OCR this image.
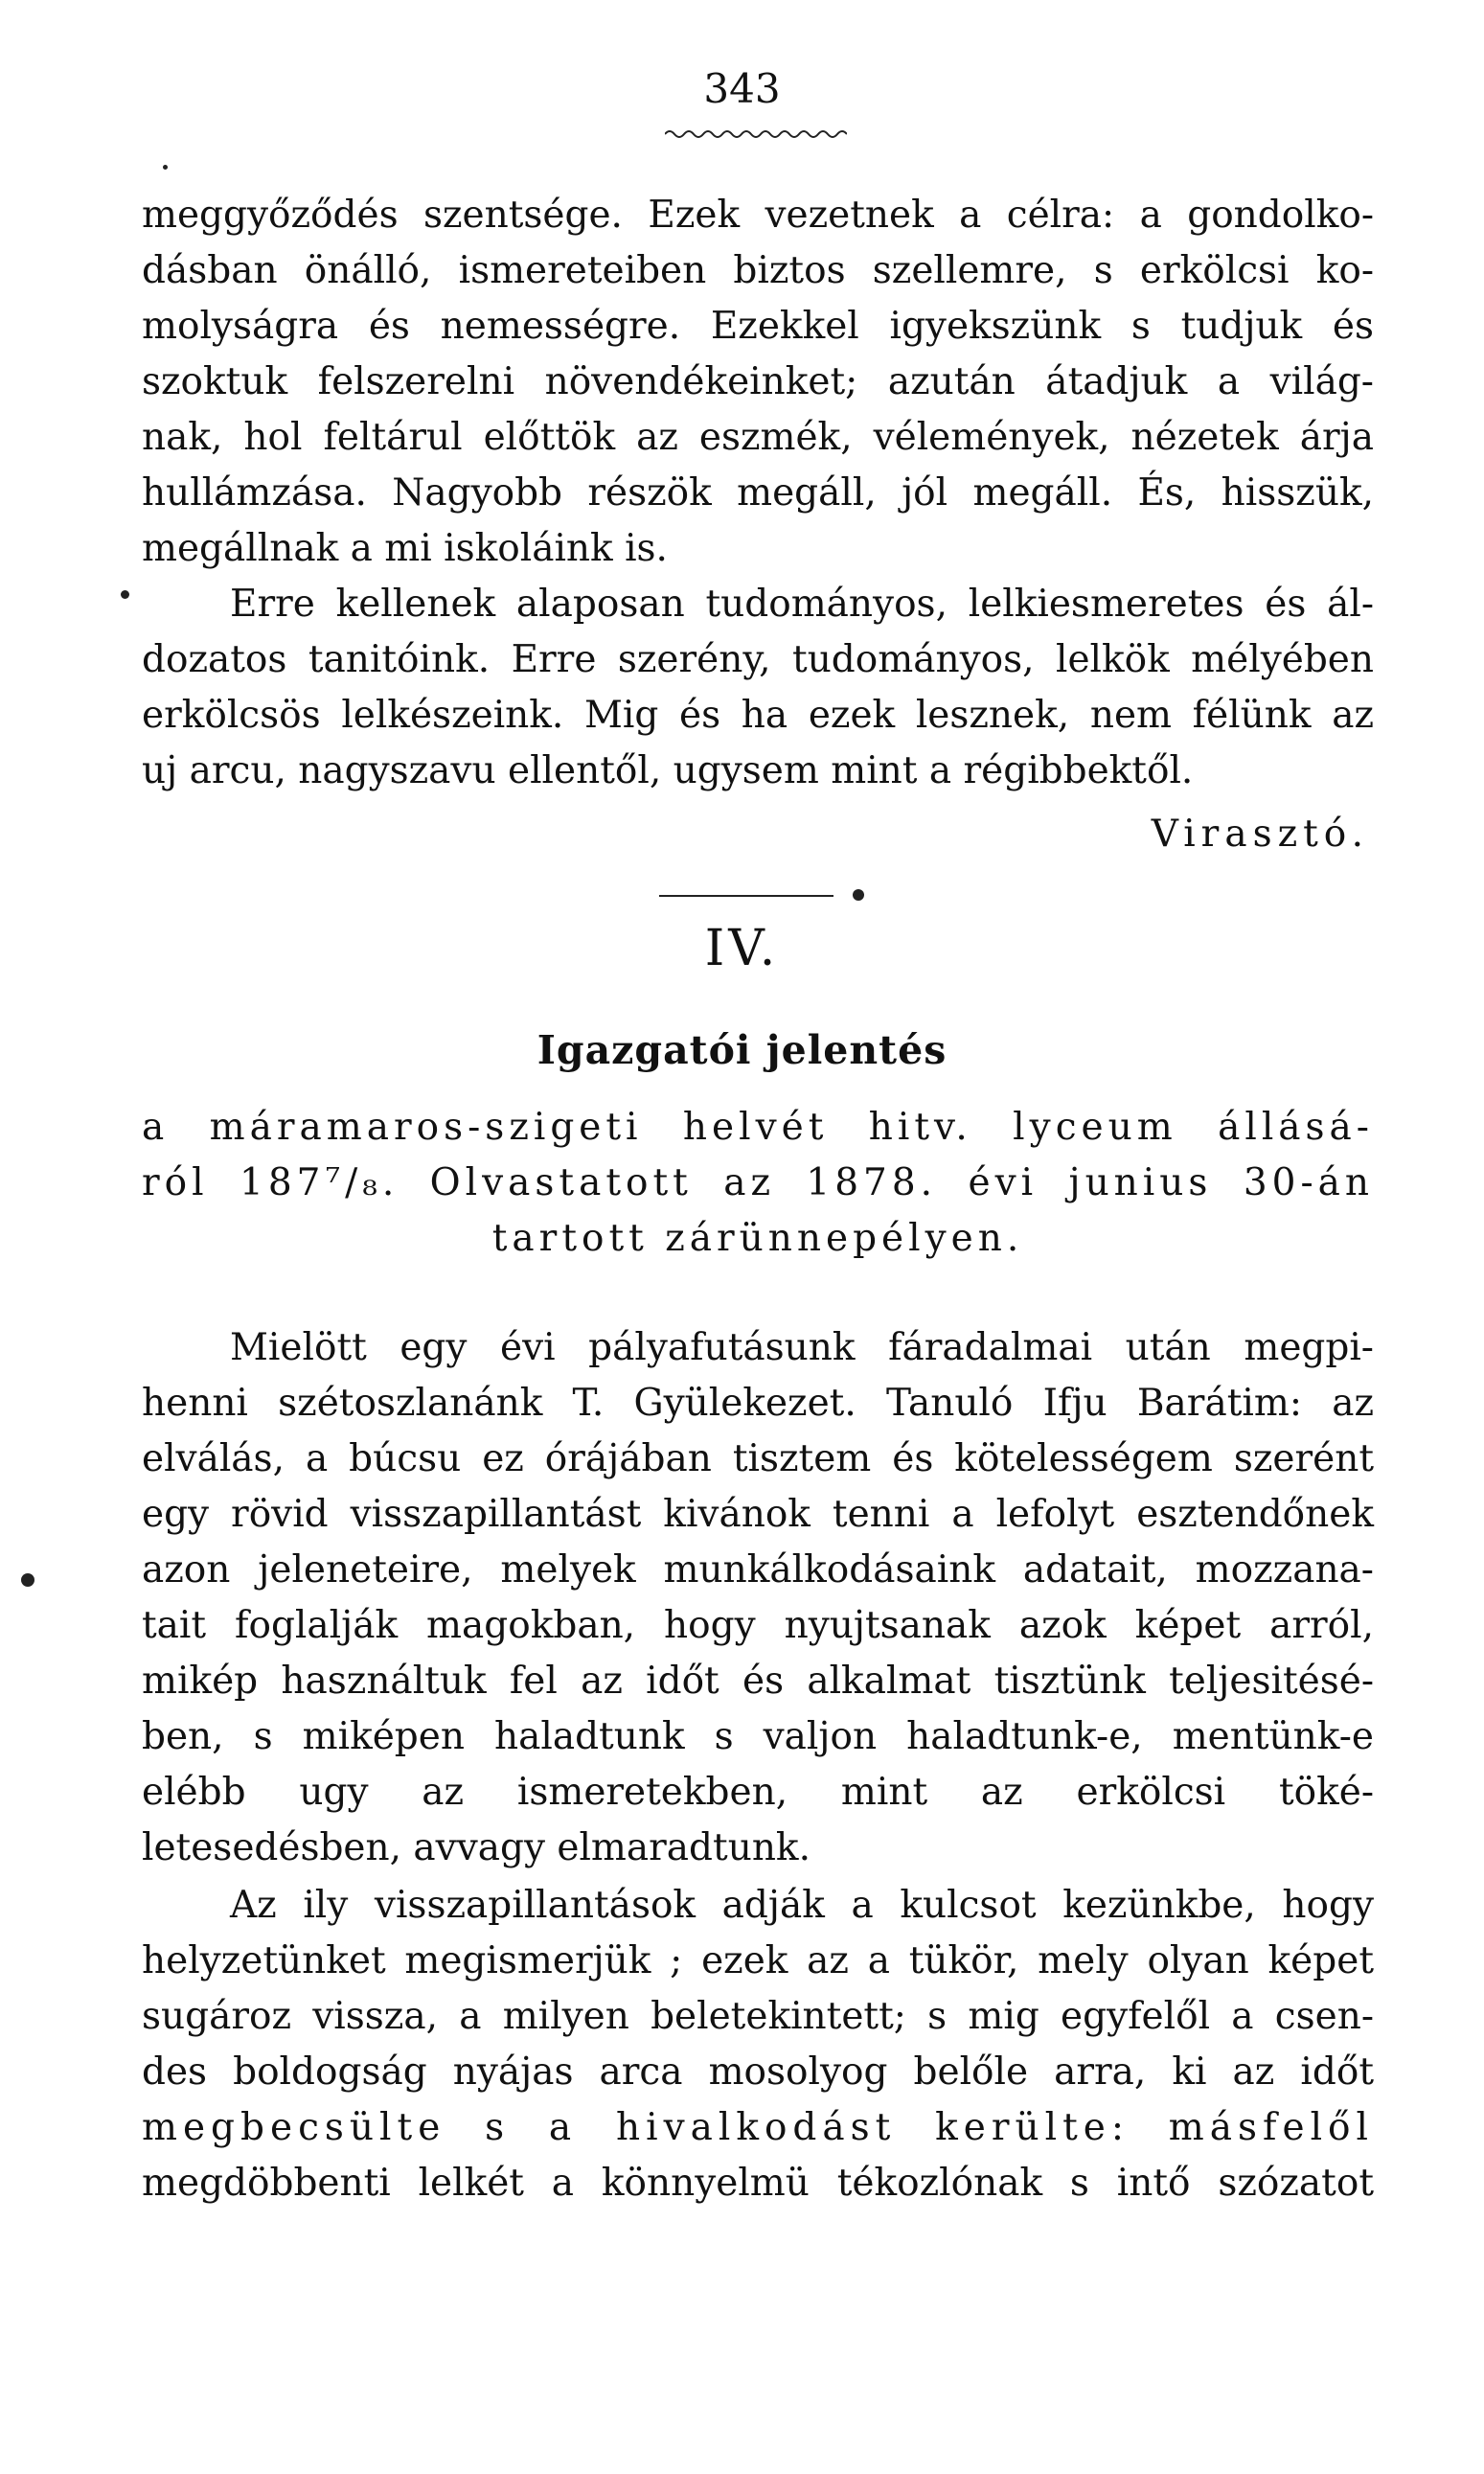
343
meggyőződés szentsége. Ezek vezetnek a célra: a gondolko-
dásban önálló, ismereteiben biztos szellemre, s erkölcsi ko-
molyságra és nemességre. Ezekkel igyekszünk s tudjuk és
szoktuk felszerelni növendékeinket; azután átadjuk a világ-
nak, hol feltárul előttök az eszmék, vélemények, nézetek árja
hullámzása. Nagyobb részök megáll, jól megáll. És, hisszük,
megállnak a mi iskoláink is.
Erre kellenek alaposan tudományos, lelkiesmeretes és ál-
dozatos tanitóink. Erre szerény, tudományos, lelkök mélyében
erkölcsös lelkészeink. Mig és ha ezek lesznek, nem félünk az
uj arcu, nagyszavu ellentől, ugysem mint a régibbektől.
Virasztó.
IV.
Igazgatói jelentés
a máramaros-szigeti helvét hitv. lyceum állásá-
ról 187⁷/₈. Olvastatott az 1878. évi junius 30-án
tartott zárünnepélyen.
Mielött egy évi pályafutásunk fáradalmai után megpi-
henni szétoszlanánk T. Gyülekezet. Tanuló Ifju Barátim: az
elválás, a búcsu ez órájában tisztem és kötelességem szerént
egy rövid visszapillantást kivánok tenni a lefolyt esztendőnek
azon jeleneteire, melyek munkálkodásaink adatait, mozzana-
tait foglalják magokban, hogy nyujtsanak azok képet arról,
mikép használtuk fel az időt és alkalmat tisztünk teljesitésé-
ben, s miképen haladtunk s valjon haladtunk-e, mentünk-e
elébb ugy az ismeretekben, mint az erkölcsi töké-
letesedésben, avvagy elmaradtunk.
Az ily visszapillantások adják a kulcsot kezünkbe, hogy
helyzetünket megismerjük ; ezek az a tükör, mely olyan képet
sugároz vissza, a milyen beletekintett; s mig egyfelől a csen-
des boldogság nyájas arca mosolyog belőle arra, ki az időt
megbecsülte s a hivalkodást kerülte: másfelől
megdöbbenti lelkét a könnyelmü tékozlónak s intő szózatot
